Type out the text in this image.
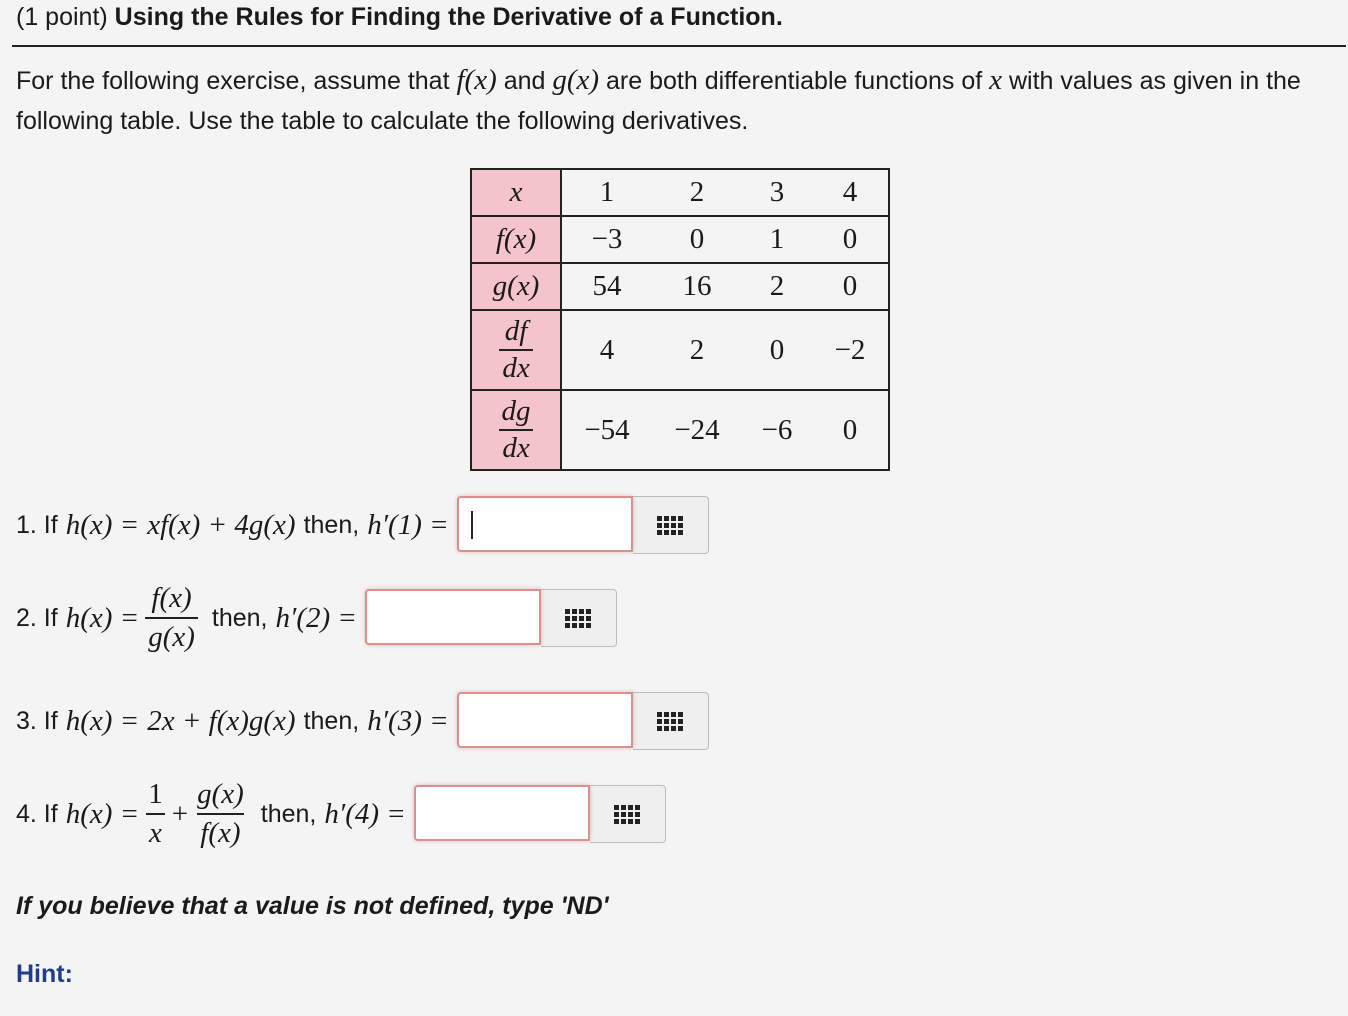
(1 point) Using the Rules for Finding the Derivative of a Function.
For the following exercise, assume that f(x) and g(x) are both differentiable functions of x with values as given in the following table. Use the table to calculate the following derivatives.
x	1	2	3	4
f(x)	−3	0	1	0
g(x)	54	16	2	0

$\frac{df}{dx}$	4	2	0	−2

$\frac{dg}{dx}$	−54	−24	−6	0
1. If h(x) = xf(x) + 4g(x) then, h′(1) =
2. If $h(x) = \frac{f(x)}{g(x)}$ then, h′(2) =
3. If h(x) = 2x + f(x)g(x) then, h′(3) =
4. If $h(x) = \frac{1}{x} + \frac{g(x)}{f(x)}$ then, h′(4) =
If you believe that a value is not defined, type 'ND'
Hint:
